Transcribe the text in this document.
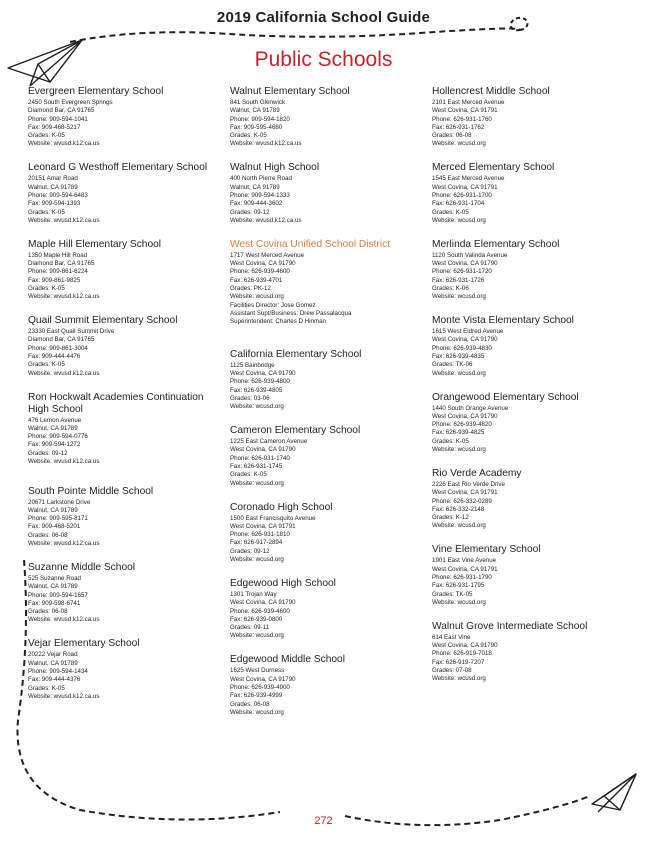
2019 California School Guide
Public Schools
Evergreen Elementary School
2450 South Evergreen Springs
Diamond Bar, CA 91765
Phone: 909-594-1041
Fax: 909-468-5217
Grades: K-05
Website: wvusd.k12.ca.us
Leonard G Westhoff Elementary School
20151 Amar Road
Walnut, CA 91789
Phone: 909-594-6483
Fax: 909-594-1393
Grades: K-05
Website: wvusd.k12.ca.us
Maple Hill Elementary School
1350 Maple Hill Road
Diamond Bar, CA 91765
Phone: 909-861-6224
Fax: 909-861-9825
Grades: K-05
Website: wvusd.k12.ca.us
Quail Summit Elementary School
23330 East Quail Summit Drive
Diamond Bar, CA 91765
Phone: 909-861-3004
Fax: 909-444-4476
Grades: K-05
Website: wvusd.k12.ca.us
Ron Hockwalt Academies Continuation High School
476 Lemon Avenue
Walnut, CA 91789
Phone: 909-594-0776
Fax: 909-594-1272
Grades: 09-12
Website: wvusd.k12.ca.us
South Pointe Middle School
20671 Larkstone Drive
Walnut, CA 91789
Phone: 909-595-8171
Fax: 909-468-5201
Grades: 06-08
Website: wvusd.k12.ca.us
Suzanne Middle School
525 Suzanne Road
Walnut, CA 91789
Phone: 909-594-1657
Fax: 909-598-6741
Grades: 06-08
Website: wvusd.k12.ca.us
Vejar Elementary School
20222 Vejar Road
Walnut, CA 91789
Phone: 909-594-1434
Fax: 909-444-4376
Grades: K-05
Website: wvusd.k12.ca.us
Walnut Elementary School
841 South Glenwick
Walnut, CA 91789
Phone: 909-594-1820
Fax: 909-595-4680
Grades: K-05
Website: wvusd.k12.ca.us
Walnut High School
400 North Pierre Road
Walnut, CA 91789
Phone: 909-594-1333
Fax: 909-444-3602
Grades: 09-12
Website: wvusd.k12.ca.us
West Covina Unified School District
1717 West Merced Avenue
West Covina, CA 91790
Phone: 626-939-4600
Fax: 626-939-4701
Grades: PK-12
Website: wcusd.org
Facilities Director: Jose Gomez
Assistant Supt/Business: Drew Passalacqua
Superintendent: Charles D Hinman
California Elementary School
1125 Bainbridge
West Covina, CA 91790
Phone: 626-939-4800
Fax: 626-939-4805
Grades: 03-06
Website: wcusd.org
Cameron Elementary School
1225 East Cameron Avenue
West Covina, CA 91790
Phone: 626-931-1740
Fax: 626-931-1745
Grades: K-05
Website: wcusd.org
Coronado High School
1500 East Francisquito Avenue
West Covina, CA 91791
Phone: 626-931-1810
Fax: 626-917-2894
Grades: 09-12
Website: wcusd.org
Edgewood High School
1301 Trojan Way
West Covina, CA 91790
Phone: 626-939-4600
Fax: 626-939-0800
Grades: 09-11
Website: wcusd.org
Edgewood Middle School
1625 West Durness
West Covina, CA 91790
Phone: 626-939-4900
Fax: 626-939-4999
Grades: 06-08
Website: wcusd.org
Hollencrest Middle School
2101 East Merced Avenue
West Covina, CA 91791
Phone: 626-931-1760
Fax: 626-931-1762
Grades: 06-08
Website: wcusd.org
Merced Elementary School
1545 East Merced Avenue
West Covina, CA 91791
Phone: 626-931-1700
Fax: 626-931-1704
Grades: K-05
Website: wcusd.org
Merlinda Elementary School
1120 South Valinda Avenue
West Covina, CA 91790
Phone: 626-931-1720
Fax: 626-931-1726
Grades: K-06
Website: wcusd.org
Monte Vista Elementary School
1615 West Eldred Avenue
West Covina, CA 91790
Phone: 626-939-4830
Fax: 626-939-4835
Grades: TK-06
Website: wcusd.org
Orangewood Elementary School
1440 South Orange Avenue
West Covina, CA 91790
Phone: 626-939-4820
Fax: 626-939-4825
Grades: K-05
Website: wcusd.org
Rio Verde Academy
2226 East Rio Verde Drive
West Covina, CA 91791
Phone: 626-332-0289
Fax: 626-332-2148
Grades: K-12
Website: wcusd.org
Vine Elementary School
1901 East Vine Avenue
West Covina, CA 91791
Phone: 626-931-1790
Fax: 626-931-1795
Grades: TK-05
Website: wcusd.org
Walnut Grove Intermediate School
614 East Vine
West Covina, CA 91790
Phone: 626-919-7018
Fax: 626-919-7207
Grades: 07-08
Website: wcusd.org
272
